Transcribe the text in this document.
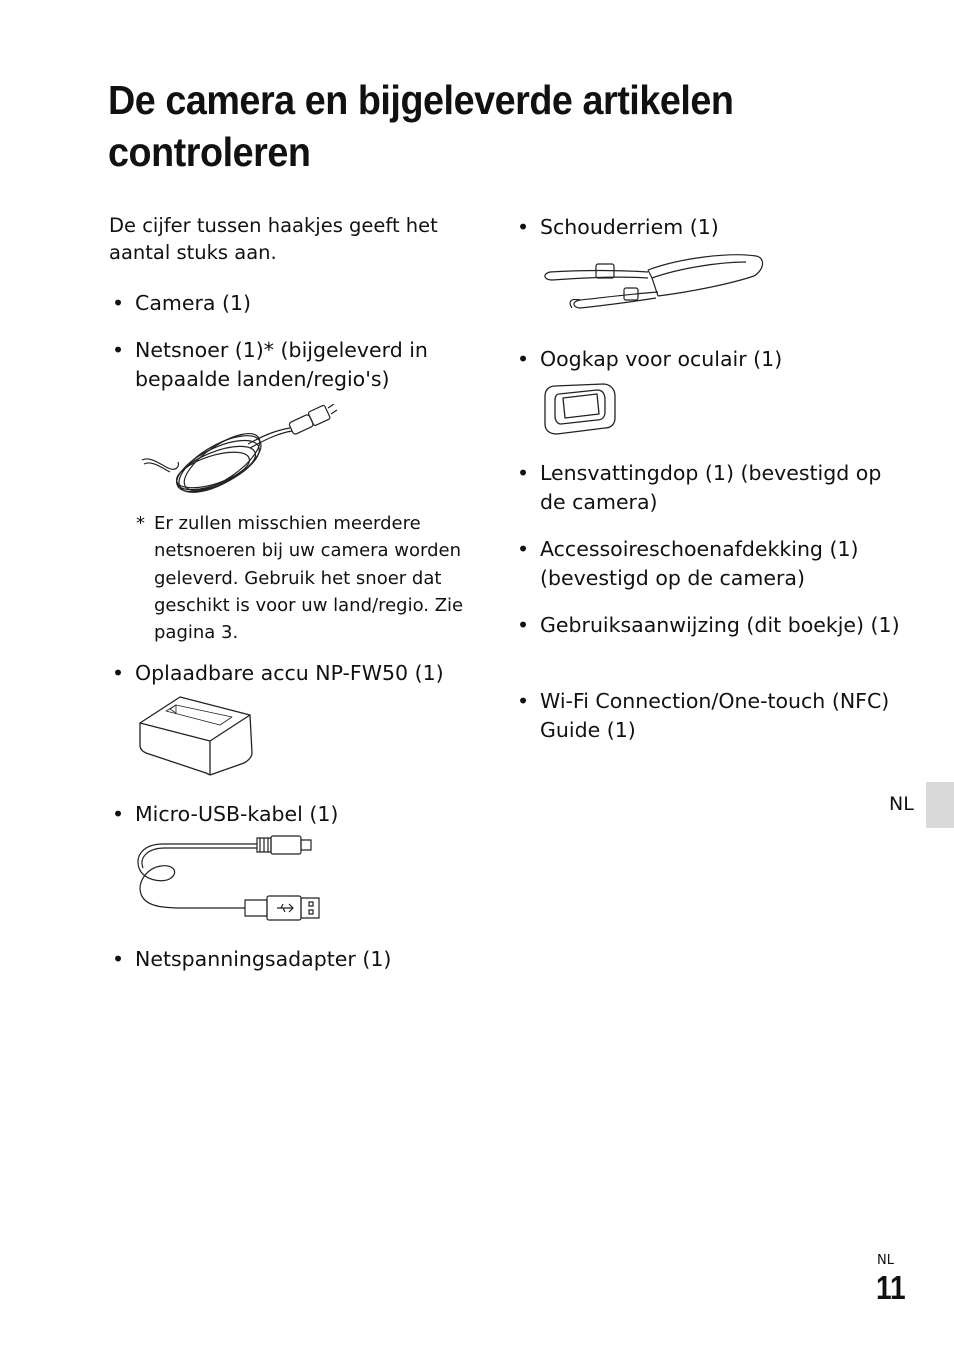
De camera en bijgeleverde artikelen
controleren
De cijfer tussen haakjes geeft het aantal stuks aan.
• Camera (1)
• Netsnoer (1)* (bijgeleverd in bepaalde landen/regio's)
* Er zullen misschien meerdere netsnoeren bij uw camera worden geleverd. Gebruik het snoer dat geschikt is voor uw land/regio. Zie pagina 3.
• Oplaadbare accu NP-FW50 (1)
• Micro-USB-kabel (1)
• Netspanningsadapter (1)
• Schouderriem (1)
• Oogkap voor oculair (1)
• Lensvattingdop (1) (bevestigd op de camera)
• Accessoireschoenafdekking (1) (bevestigd op de camera)
• Gebruiksaanwijzing (dit boekje) (1)
• Wi-Fi Connection/One-touch (NFC) Guide (1)
NL
NL
11
